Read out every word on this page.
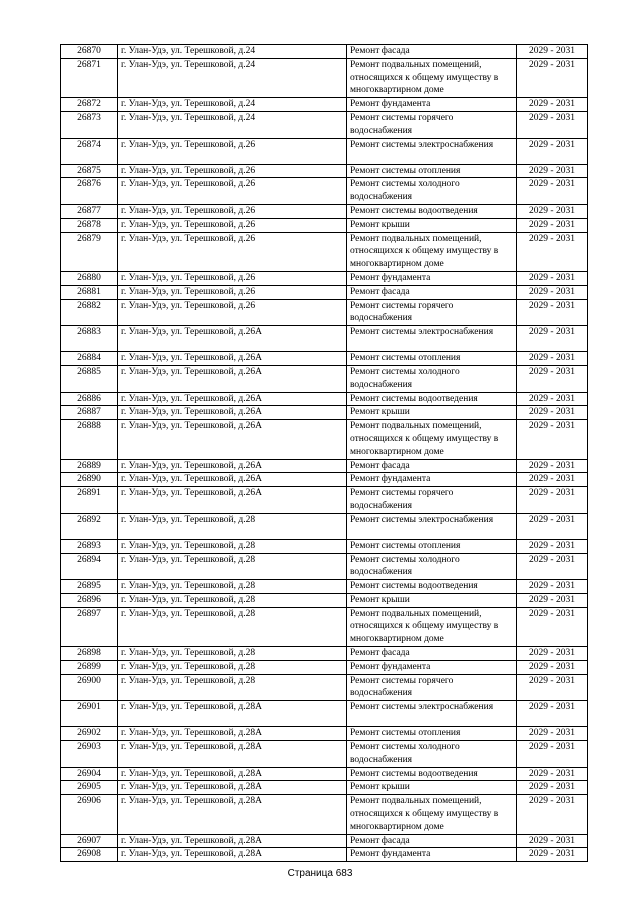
26870	г. Улан-Удэ, ул. Терешковой, д.24	Ремонт фасада	2029 - 2031
26871	г. Улан-Удэ, ул. Терешковой, д.24	Ремонт подвальных помещений, относящихся к общему имуществу в многоквартирном доме	2029 - 2031
26872	г. Улан-Удэ, ул. Терешковой, д.24	Ремонт фундамента	2029 - 2031
26873	г. Улан-Удэ, ул. Терешковой, д.24	Ремонт системы горячего водоснабжения	2029 - 2031
26874	г. Улан-Удэ, ул. Терешковой, д.26	Ремонт системы электроснабжения	2029 - 2031
26875	г. Улан-Удэ, ул. Терешковой, д.26	Ремонт системы отопления	2029 - 2031
26876	г. Улан-Удэ, ул. Терешковой, д.26	Ремонт системы холодного водоснабжения	2029 - 2031
26877	г. Улан-Удэ, ул. Терешковой, д.26	Ремонт системы водоотведения	2029 - 2031
26878	г. Улан-Удэ, ул. Терешковой, д.26	Ремонт крыши	2029 - 2031
26879	г. Улан-Удэ, ул. Терешковой, д.26	Ремонт подвальных помещений, относящихся к общему имуществу в многоквартирном доме	2029 - 2031
26880	г. Улан-Удэ, ул. Терешковой, д.26	Ремонт фундамента	2029 - 2031
26881	г. Улан-Удэ, ул. Терешковой, д.26	Ремонт фасада	2029 - 2031
26882	г. Улан-Удэ, ул. Терешковой, д.26	Ремонт системы горячего водоснабжения	2029 - 2031
26883	г. Улан-Удэ, ул. Терешковой, д.26А	Ремонт системы электроснабжения	2029 - 2031
26884	г. Улан-Удэ, ул. Терешковой, д.26А	Ремонт системы отопления	2029 - 2031
26885	г. Улан-Удэ, ул. Терешковой, д.26А	Ремонт системы холодного водоснабжения	2029 - 2031
26886	г. Улан-Удэ, ул. Терешковой, д.26А	Ремонт системы водоотведения	2029 - 2031
26887	г. Улан-Удэ, ул. Терешковой, д.26А	Ремонт крыши	2029 - 2031
26888	г. Улан-Удэ, ул. Терешковой, д.26А	Ремонт подвальных помещений, относящихся к общему имуществу в многоквартирном доме	2029 - 2031
26889	г. Улан-Удэ, ул. Терешковой, д.26А	Ремонт фасада	2029 - 2031
26890	г. Улан-Удэ, ул. Терешковой, д.26А	Ремонт фундамента	2029 - 2031
26891	г. Улан-Удэ, ул. Терешковой, д.26А	Ремонт системы горячего водоснабжения	2029 - 2031
26892	г. Улан-Удэ, ул. Терешковой, д.28	Ремонт системы электроснабжения	2029 - 2031
26893	г. Улан-Удэ, ул. Терешковой, д.28	Ремонт системы отопления	2029 - 2031
26894	г. Улан-Удэ, ул. Терешковой, д.28	Ремонт системы холодного водоснабжения	2029 - 2031
26895	г. Улан-Удэ, ул. Терешковой, д.28	Ремонт системы водоотведения	2029 - 2031
26896	г. Улан-Удэ, ул. Терешковой, д.28	Ремонт крыши	2029 - 2031
26897	г. Улан-Удэ, ул. Терешковой, д.28	Ремонт подвальных помещений, относящихся к общему имуществу в многоквартирном доме	2029 - 2031
26898	г. Улан-Удэ, ул. Терешковой, д.28	Ремонт фасада	2029 - 2031
26899	г. Улан-Удэ, ул. Терешковой, д.28	Ремонт фундамента	2029 - 2031
26900	г. Улан-Удэ, ул. Терешковой, д.28	Ремонт системы горячего водоснабжения	2029 - 2031
26901	г. Улан-Удэ, ул. Терешковой, д.28А	Ремонт системы электроснабжения	2029 - 2031
26902	г. Улан-Удэ, ул. Терешковой, д.28А	Ремонт системы отопления	2029 - 2031
26903	г. Улан-Удэ, ул. Терешковой, д.28А	Ремонт системы холодного водоснабжения	2029 - 2031
26904	г. Улан-Удэ, ул. Терешковой, д.28А	Ремонт системы водоотведения	2029 - 2031
26905	г. Улан-Удэ, ул. Терешковой, д.28А	Ремонт крыши	2029 - 2031
26906	г. Улан-Удэ, ул. Терешковой, д.28А	Ремонт подвальных помещений, относящихся к общему имуществу в многоквартирном доме	2029 - 2031
26907	г. Улан-Удэ, ул. Терешковой, д.28А	Ремонт фасада	2029 - 2031
26908	г. Улан-Удэ, ул. Терешковой, д.28А	Ремонт фундамента	2029 - 2031
Страница 683
